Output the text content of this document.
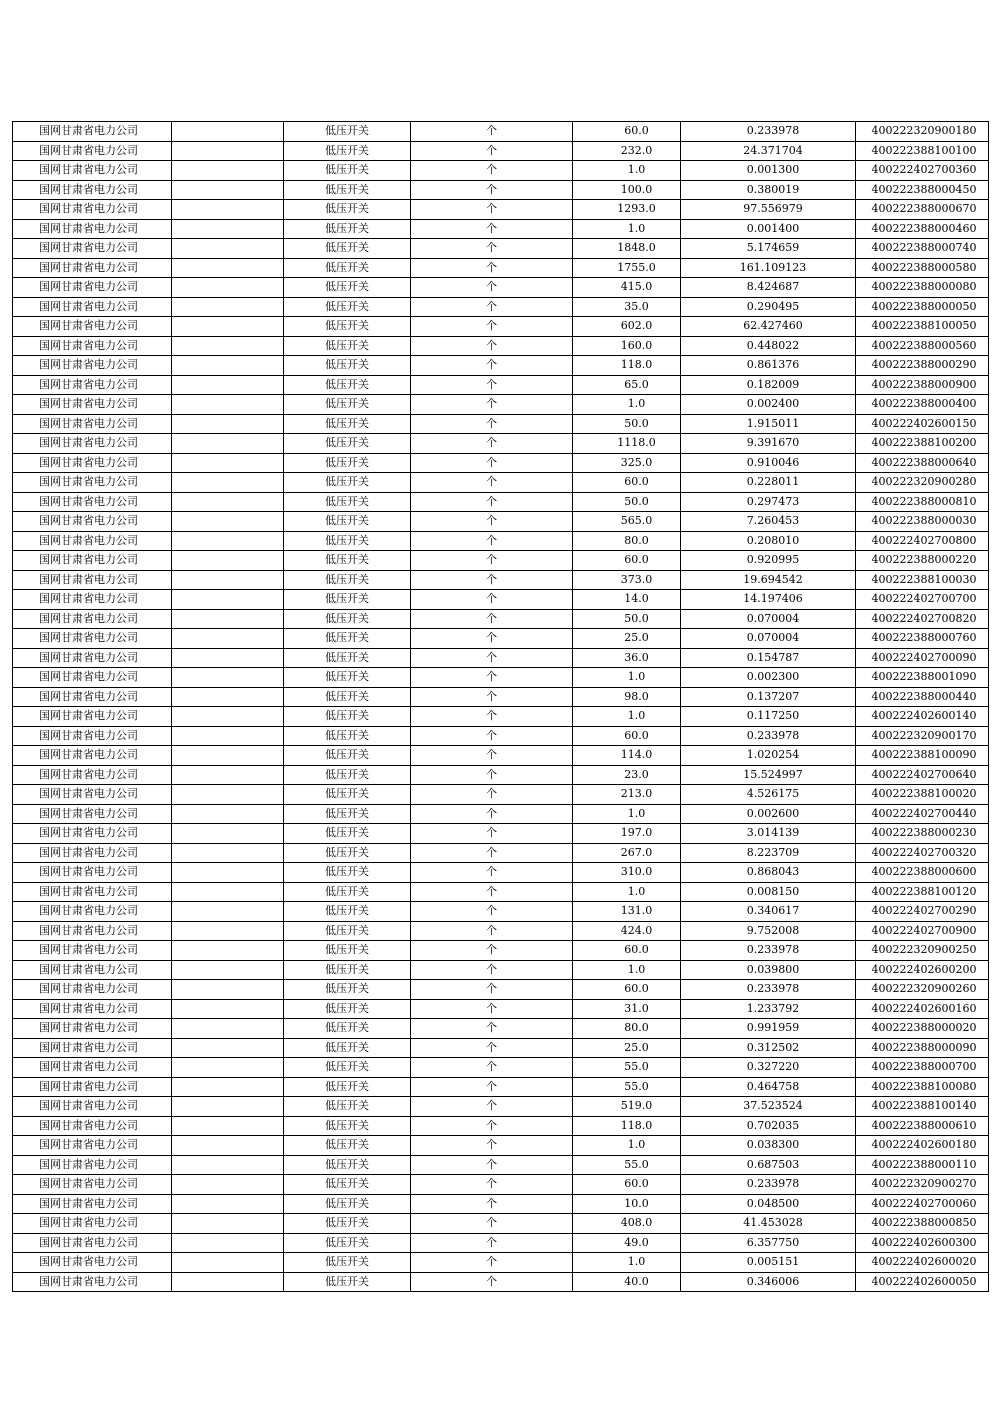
国网甘肃省电力公司		低压开关	个	60.0	0.233978	400222320900180
国网甘肃省电力公司		低压开关	个	232.0	24.371704	400222388100100
国网甘肃省电力公司		低压开关	个	1.0	0.001300	400222402700360
国网甘肃省电力公司		低压开关	个	100.0	0.380019	400222388000450
国网甘肃省电力公司		低压开关	个	1293.0	97.556979	400222388000670
国网甘肃省电力公司		低压开关	个	1.0	0.001400	400222388000460
国网甘肃省电力公司		低压开关	个	1848.0	5.174659	400222388000740
国网甘肃省电力公司		低压开关	个	1755.0	161.109123	400222388000580
国网甘肃省电力公司		低压开关	个	415.0	8.424687	400222388000080
国网甘肃省电力公司		低压开关	个	35.0	0.290495	400222388000050
国网甘肃省电力公司		低压开关	个	602.0	62.427460	400222388100050
国网甘肃省电力公司		低压开关	个	160.0	0.448022	400222388000560
国网甘肃省电力公司		低压开关	个	118.0	0.861376	400222388000290
国网甘肃省电力公司		低压开关	个	65.0	0.182009	400222388000900
国网甘肃省电力公司		低压开关	个	1.0	0.002400	400222388000400
国网甘肃省电力公司		低压开关	个	50.0	1.915011	400222402600150
国网甘肃省电力公司		低压开关	个	1118.0	9.391670	400222388100200
国网甘肃省电力公司		低压开关	个	325.0	0.910046	400222388000640
国网甘肃省电力公司		低压开关	个	60.0	0.228011	400222320900280
国网甘肃省电力公司		低压开关	个	50.0	0.297473	400222388000810
国网甘肃省电力公司		低压开关	个	565.0	7.260453	400222388000030
国网甘肃省电力公司		低压开关	个	80.0	0.208010	400222402700800
国网甘肃省电力公司		低压开关	个	60.0	0.920995	400222388000220
国网甘肃省电力公司		低压开关	个	373.0	19.694542	400222388100030
国网甘肃省电力公司		低压开关	个	14.0	14.197406	400222402700700
国网甘肃省电力公司		低压开关	个	50.0	0.070004	400222402700820
国网甘肃省电力公司		低压开关	个	25.0	0.070004	400222388000760
国网甘肃省电力公司		低压开关	个	36.0	0.154787	400222402700090
国网甘肃省电力公司		低压开关	个	1.0	0.002300	400222388001090
国网甘肃省电力公司		低压开关	个	98.0	0.137207	400222388000440
国网甘肃省电力公司		低压开关	个	1.0	0.117250	400222402600140
国网甘肃省电力公司		低压开关	个	60.0	0.233978	400222320900170
国网甘肃省电力公司		低压开关	个	114.0	1.020254	400222388100090
国网甘肃省电力公司		低压开关	个	23.0	15.524997	400222402700640
国网甘肃省电力公司		低压开关	个	213.0	4.526175	400222388100020
国网甘肃省电力公司		低压开关	个	1.0	0.002600	400222402700440
国网甘肃省电力公司		低压开关	个	197.0	3.014139	400222388000230
国网甘肃省电力公司		低压开关	个	267.0	8.223709	400222402700320
国网甘肃省电力公司		低压开关	个	310.0	0.868043	400222388000600
国网甘肃省电力公司		低压开关	个	1.0	0.008150	400222388100120
国网甘肃省电力公司		低压开关	个	131.0	0.340617	400222402700290
国网甘肃省电力公司		低压开关	个	424.0	9.752008	400222402700900
国网甘肃省电力公司		低压开关	个	60.0	0.233978	400222320900250
国网甘肃省电力公司		低压开关	个	1.0	0.039800	400222402600200
国网甘肃省电力公司		低压开关	个	60.0	0.233978	400222320900260
国网甘肃省电力公司		低压开关	个	31.0	1.233792	400222402600160
国网甘肃省电力公司		低压开关	个	80.0	0.991959	400222388000020
国网甘肃省电力公司		低压开关	个	25.0	0.312502	400222388000090
国网甘肃省电力公司		低压开关	个	55.0	0.327220	400222388000700
国网甘肃省电力公司		低压开关	个	55.0	0.464758	400222388100080
国网甘肃省电力公司		低压开关	个	519.0	37.523524	400222388100140
国网甘肃省电力公司		低压开关	个	118.0	0.702035	400222388000610
国网甘肃省电力公司		低压开关	个	1.0	0.038300	400222402600180
国网甘肃省电力公司		低压开关	个	55.0	0.687503	400222388000110
国网甘肃省电力公司		低压开关	个	60.0	0.233978	400222320900270
国网甘肃省电力公司		低压开关	个	10.0	0.048500	400222402700060
国网甘肃省电力公司		低压开关	个	408.0	41.453028	400222388000850
国网甘肃省电力公司		低压开关	个	49.0	6.357750	400222402600300
国网甘肃省电力公司		低压开关	个	1.0	0.005151	400222402600020
国网甘肃省电力公司		低压开关	个	40.0	0.346006	400222402600050
